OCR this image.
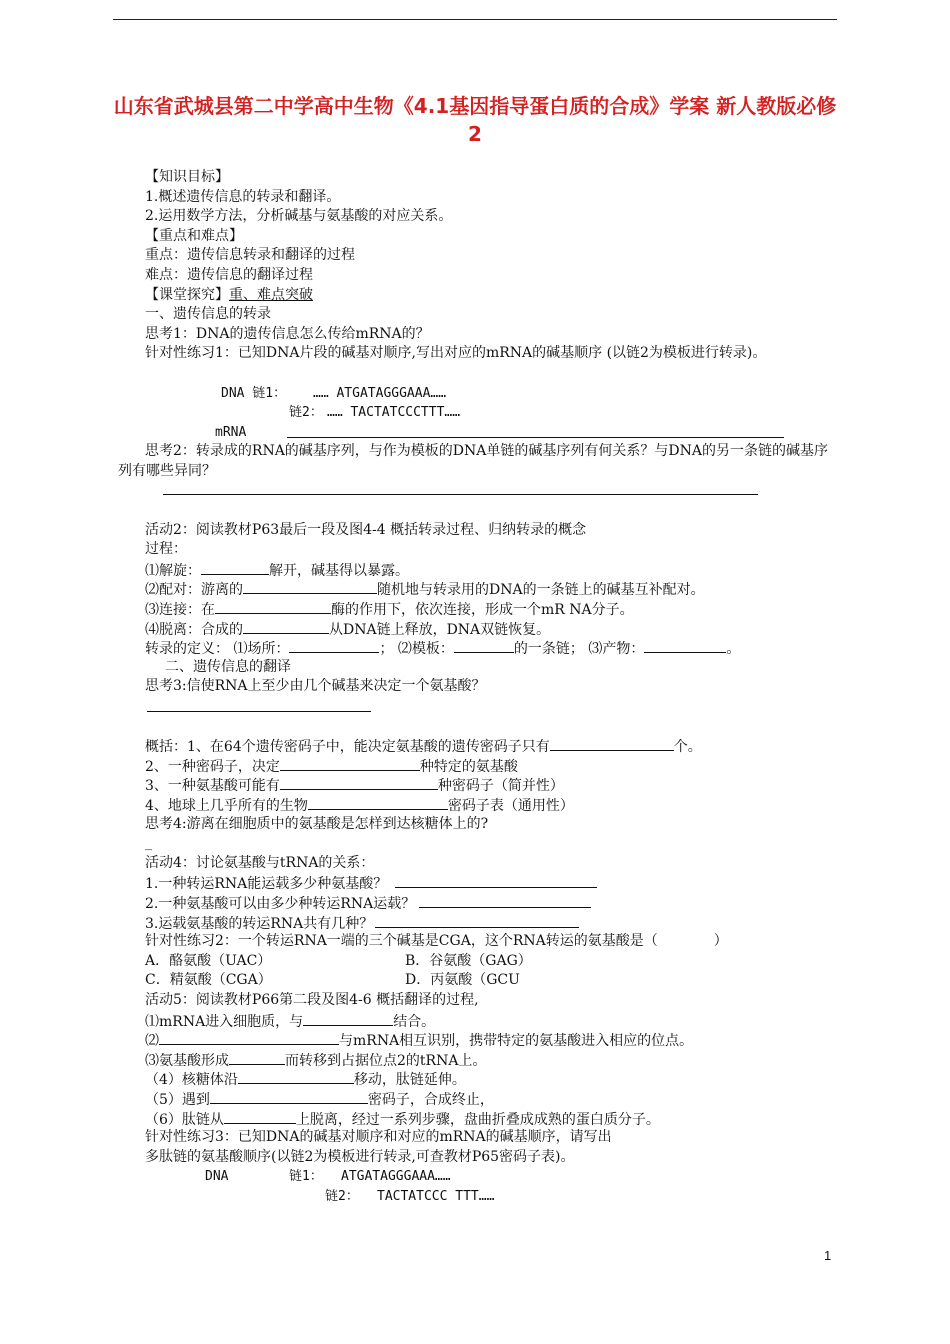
山东省武城县第二中学高中生物《4.1基因指导蛋白质的合成》学案 新人教版必修2
【知识目标】
1.概述遗传信息的转录和翻译。
2.运用数学方法，分析碱基与氨基酸的对应关系。
【重点和难点】
重点：遗传信息转录和翻译的过程
难点：遗传信息的翻译过程
【课堂探究】重、难点突破
一、遗传信息的转录
思考1：DNA的遗传信息怎么传给mRNA的？
针对性练习1：已知DNA片段的碱基对顺序,写出对应的mRNA的碱基顺序 (以链2为模板进行转录)。
DNA 链1： …… ATGATAGGGAAA……
链2： …… TACTATCCCTTT……
mRNA
思考2：转录成的RNA的碱基序列，与作为模板的DNA单链的碱基序列有何关系？与DNA的另一条链的碱基序列有哪些异同？
活动2：阅读教材P63最后一段及图4-4 概括转录过程、归纳转录的概念
过程：
⑴解旋：	解开，碱基得以暴露。
⑵配对：游离的	随机地与转录用的DNA的一条链上的碱基互补配对。
⑶连接：在	酶的作用下，依次连接，形成一个mR NA分子。
⑷脱离：合成的	从DNA链上释放，DNA双链恢复。
转录的定义： ⑴场所：	； ⑵模板：	的一条链； ⑶产物：	。
二、遗传信息的翻译
思考3:信使RNA上至少由几个碱基来决定一个氨基酸？
概括：1、在64个遗传密码子中，能决定氨基酸的遗传密码子只有	个。
2、一种密码子，决定	种特定的氨基酸
3、一种氨基酸可能有	种密码子（简并性）
4、地球上几乎所有的生物	密码子表（通用性）
思考4:游离在细胞质中的氨基酸是怎样到达核糖体上的?
_
活动4：讨论氨基酸与tRNA的关系：
1.一种转运RNA能运载多少种氨基酸？
2.一种氨基酸可以由多少种转运RNA运载？
3.运载氨基酸的转运RNA共有几种？
针对性练习2：一个转运RNA一端的三个碱基是CGA，这个RNA转运的氨基酸是（　　　　）
A．酪氨酸（UAC）	B．谷氨酸（GAG）
C．精氨酸（CGA）	D．丙氨酸（GCU
活动5：阅读教材P66第二段及图4-6 概括翻译的过程,
⑴mRNA进入细胞质，与	结合。
⑵	与mRNA相互识别，携带特定的氨基酸进入相应的位点。
⑶氨基酸形成	而转移到占据位点2的tRNA上。
（4）核糖体沿	移动，肽链延伸。
（5）遇到	密码子，合成终止，
（6）肽链从	上脱离，经过一系列步骤，盘曲折叠成成熟的蛋白质分子。
针对性练习3：已知DNA的碱基对顺序和对应的mRNA的碱基顺序，请写出
多肽链的氨基酸顺序(以链2为模板进行转录,可查教材P65密码子表)。
DNA	链1： ATGATAGGGAAA……
链2： TACTATCCC TTT……
1
